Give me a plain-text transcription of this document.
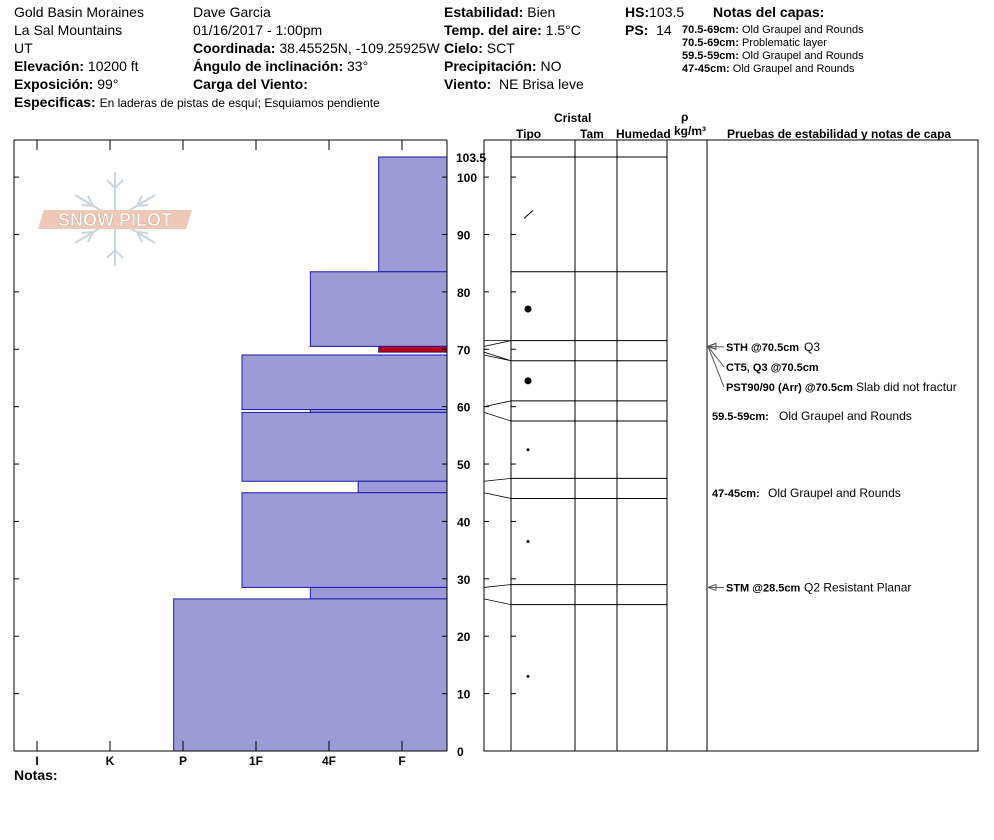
Gold Basin Moraines
La Sal Mountains
UT
Elevación: 10200 ft
Exposición: 99°
Especificas: En laderas de pistas de esquí; Esquiamos pendiente
Dave Garcia
01/16/2017 - 1:00pm
Coordinada: 38.45525N, -109.25925W
Ángulo de inclinación: 33°
Carga del Viento:
Estabilidad: Bien
Temp. del aire: 1.5°C
Cielo: SCT
Precipitación: NO
Viento: NE Brisa leve
HS:103.5
PS: 14
Notas del capas:
70.5-69cm: Old Graupel and Rounds
70.5-69cm: Problematic layer
59.5-59cm: Old Graupel and Rounds
47-45cm: Old Graupel and Rounds
Cristal
Tipo	Tam Humedad
ρ
kg/m³ Pruebas de estabilidad y notas de capa
Notas:
SNOW PILOT
0
10
20
30
40
50
60
70
80
90
100
103.5
I	K	P	1F	4F	F
STH @70.5cm Q3
CT5, Q3 @70.5cm
PST90/90 (Arr) @70.5cm Slab did not fractur
STM @28.5cm Q2 Resistant Planar
59.5-59cm: Old Graupel and Rounds
47-45cm: Old Graupel and Rounds
